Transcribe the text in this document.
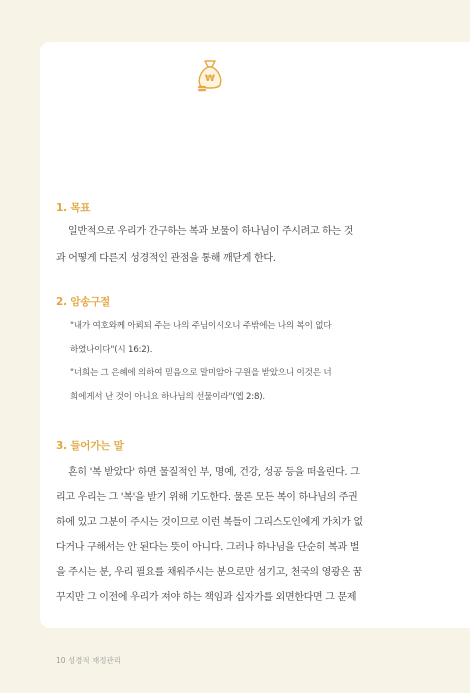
₩
1. 목표
일반적으로 우리가 간구하는 복과 보물이 하나님이 주시려고 하는 것
과 어떻게 다른지 성경적인 관점을 통해 깨닫게 한다.
2. 암송구절
"내가 여호와께 아뢰되 주는 나의 주님이시오니 주밖에는 나의 복이 없다
하였나이다"(시 16:2).
"너희는 그 은혜에 의하여 믿음으로 말미암아 구원을 받았으니 이것은 너
희에게서 난 것이 아니요 하나님의 선물이라"(엡 2:8).
3. 들어가는 말
흔히 '복 받았다' 하면 물질적인 부, 명예, 건강, 성공 등을 떠올린다. 그
리고 우리는 그 '복'을 받기 위해 기도한다. 물론 모든 복이 하나님의 주권
하에 있고 그분이 주시는 것이므로 이런 복들이 그리스도인에게 가치가 없
다거나 구해서는 안 된다는 뜻이 아니다. 그러나 하나님을 단순히 복과 벌
을 주시는 분, 우리 필요를 채워주시는 분으로만 섬기고, 천국의 영광은 꿈
꾸지만 그 이전에 우리가 져야 하는 책임과 십자가를 외면한다면 그 문제
10 성경적 재정관리
